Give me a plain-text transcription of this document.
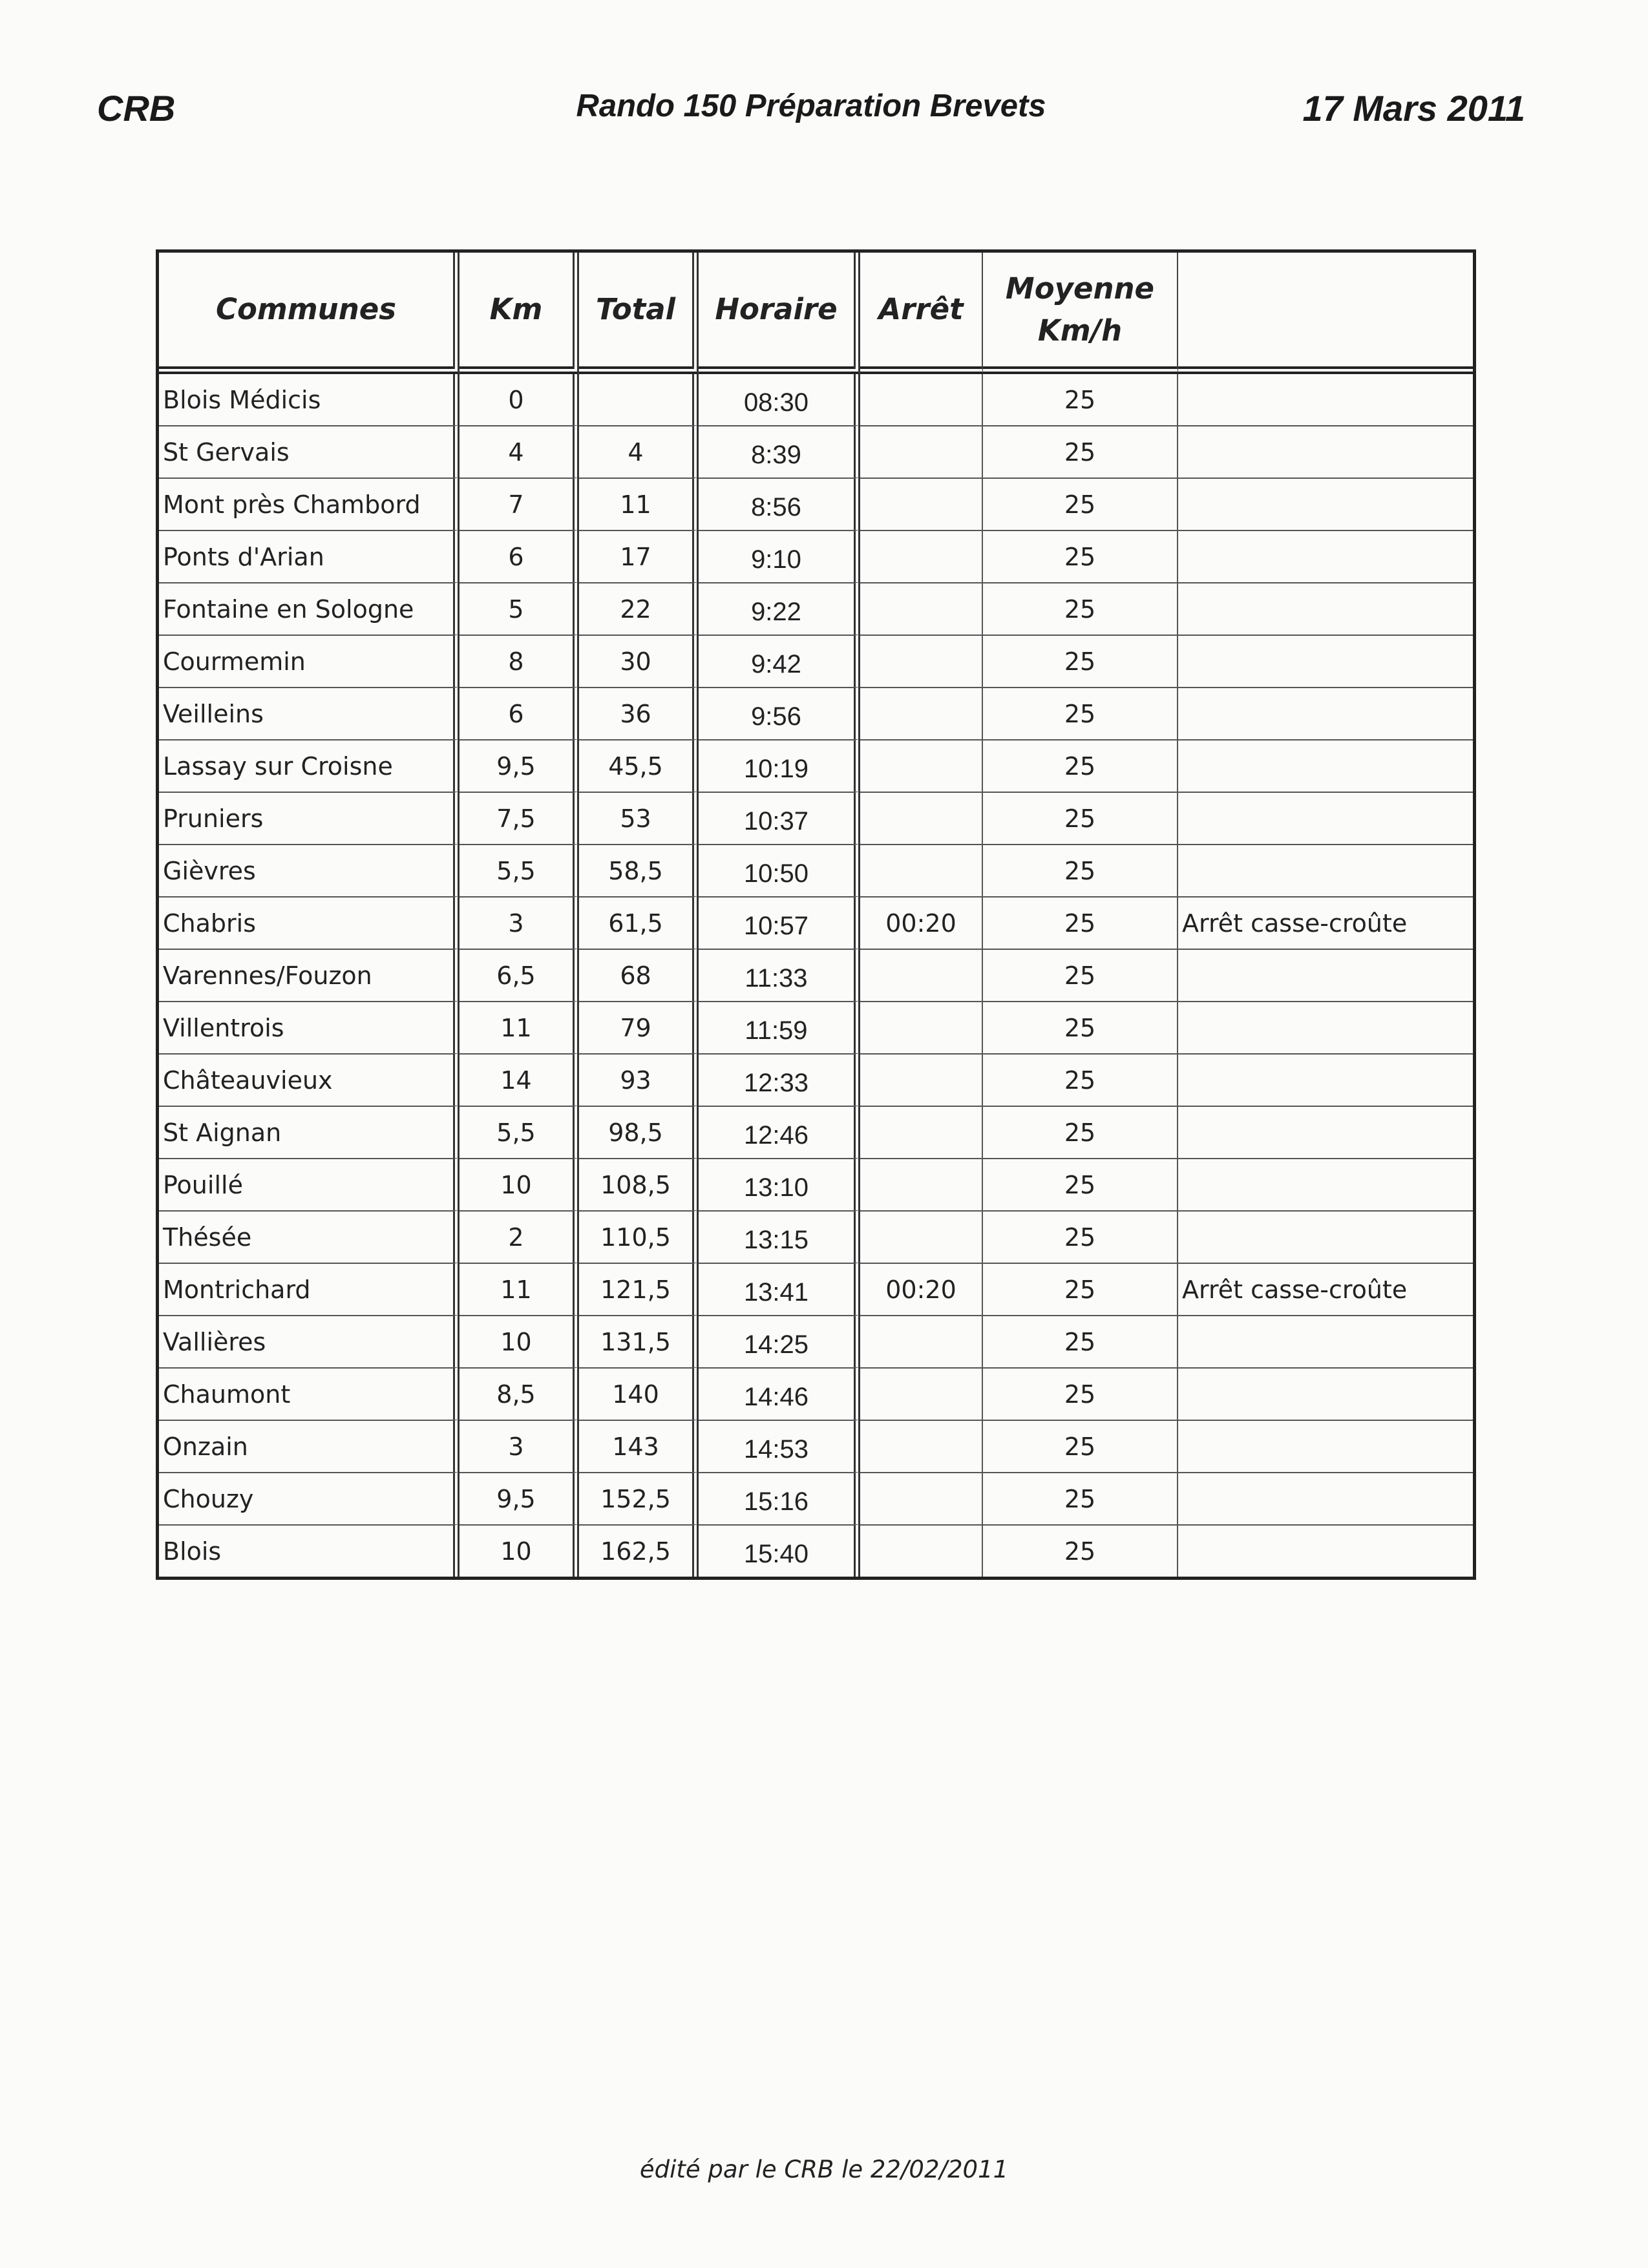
CRB	Rando 150 Préparation Brevets	17 Mars 2011

Communes	Km	Total	Horaire	Arrêt	Moyenne
Km/h	
Blois Médicis	0		08:30		25	
St Gervais	4	4	8:39		25	
Mont près Chambord	7	11	8:56		25	
Ponts d'Arian	6	17	9:10		25	
Fontaine en Sologne	5	22	9:22		25	
Courmemin	8	30	9:42		25	
Veilleins	6	36	9:56		25	
Lassay sur Croisne	9,5	45,5	10:19		25	
Pruniers	7,5	53	10:37		25	
Gièvres	5,5	58,5	10:50		25	
Chabris	3	61,5	10:57	00:20	25	Arrêt casse-croûte
Varennes/Fouzon	6,5	68	11:33		25	
Villentrois	11	79	11:59		25	
Châteauvieux	14	93	12:33		25	
St Aignan	5,5	98,5	12:46		25	
Pouillé	10	108,5	13:10		25	
Thésée	2	110,5	13:15		25	
Montrichard	11	121,5	13:41	00:20	25	Arrêt casse-croûte
Vallières	10	131,5	14:25		25	
Chaumont	8,5	140	14:46		25	
Onzain	3	143	14:53		25	
Chouzy	9,5	152,5	15:16		25	
Blois	10	162,5	15:40		25	

édité par le CRB le 22/02/2011
